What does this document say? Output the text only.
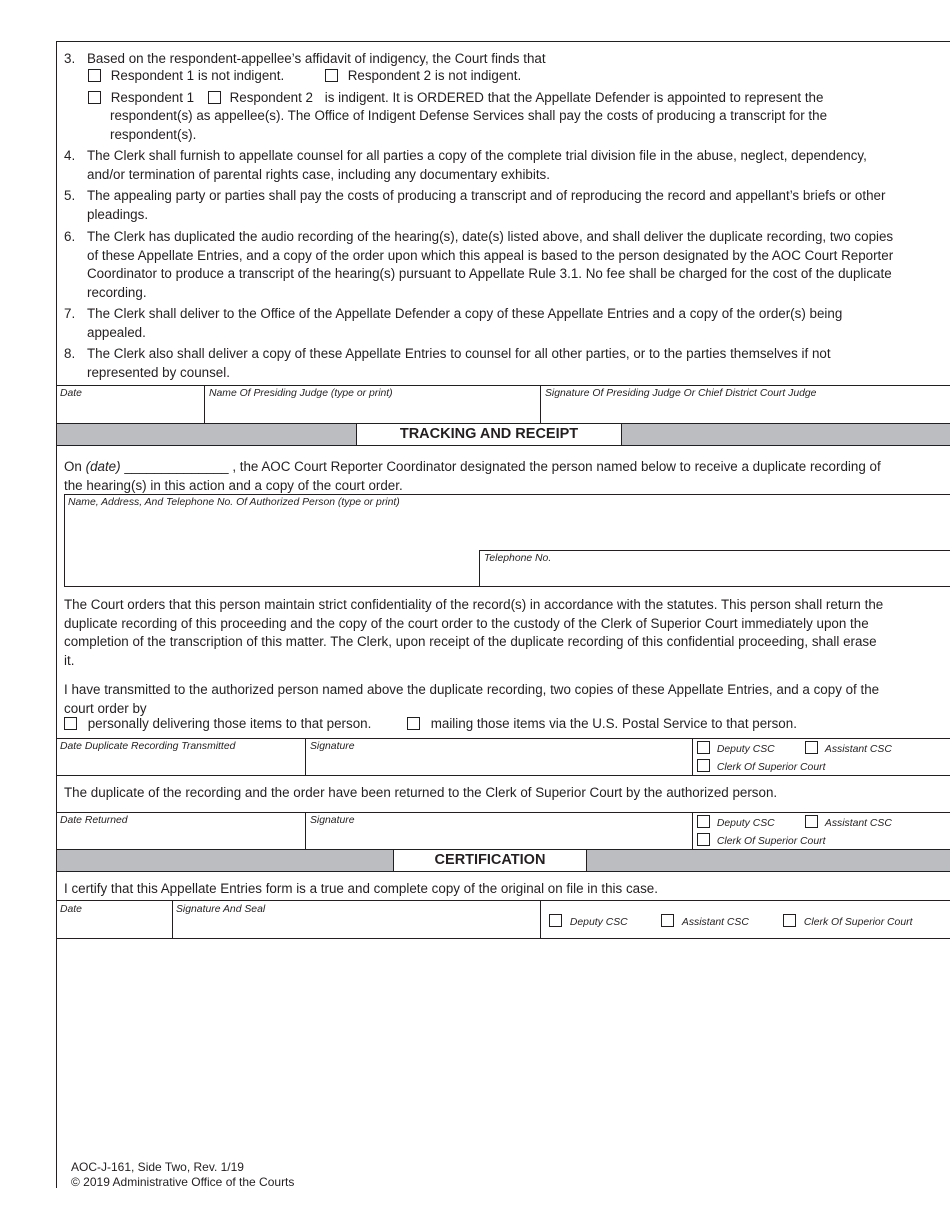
3. Based on the respondent-appellee’s affidavit of indigency, the Court finds that
Respondent 1 is not indigent.	Respondent 2 is not indigent.
Respondent 1	Respondent 2 is indigent. It is ORDERED that the Appellate Defender is appointed to represent the
respondent(s) as appellee(s). The Office of Indigent Defense Services shall pay the costs of producing a transcript for the respondent(s).
4. The Clerk shall furnish to appellate counsel for all parties a copy of the complete trial division file in the abuse, neglect, dependency, and/or termination of parental rights case, including any documentary exhibits.
5. The appealing party or parties shall pay the costs of producing a transcript and of reproducing the record and appellant’s briefs or other pleadings.
6. The Clerk has duplicated the audio recording of the hearing(s), date(s) listed above, and shall deliver the duplicate recording, two copies of these Appellate Entries, and a copy of the order upon which this appeal is based to the person designated by the AOC Court Reporter Coordinator to produce a transcript of the hearing(s) pursuant to Appellate Rule 3.1. No fee shall be charged for the cost of the duplicate recording.
7. The Clerk shall deliver to the Office of the Appellate Defender a copy of these Appellate Entries and a copy of the order(s) being appealed.
8. The Clerk also shall deliver a copy of these Appellate Entries to counsel for all other parties, or to the parties themselves if not represented by counsel.
Date	Name Of Presiding Judge (type or print)	Signature Of Presiding Judge Or Chief District Court Judge
TRACKING AND RECEIPT
On (date) ______________ , the AOC Court Reporter Coordinator designated the person named below to receive a duplicate recording of the hearing(s) in this action and a copy of the court order.
Name, Address, And Telephone No. Of Authorized Person (type or print)
Telephone No.
The Court orders that this person maintain strict confidentiality of the record(s) in accordance with the statutes. This person shall return the duplicate recording of this proceeding and the copy of the court order to the custody of the Clerk of Superior Court immediately upon the completion of the transcription of this matter. The Clerk, upon receipt of the duplicate recording of this confidential proceeding, shall erase it.
I have transmitted to the authorized person named above the duplicate recording, two copies of these Appellate Entries, and a copy of the court order by
personally delivering those items to that person.	mailing those items via the U.S. Postal Service to that person.
Date Duplicate Recording Transmitted	Signature	Deputy CSC	Assistant CSC
Clerk Of Superior Court
The duplicate of the recording and the order have been returned to the Clerk of Superior Court by the authorized person.
Date Returned	Signature	Deputy CSC	Assistant CSC
Clerk Of Superior Court
CERTIFICATION
I certify that this Appellate Entries form is a true and complete copy of the original on file in this case.
Date	Signature And Seal
Deputy CSC	Assistant CSC	Clerk Of Superior Court
AOC-J-161, Side Two, Rev. 1/19
© 2019 Administrative Office of the Courts
